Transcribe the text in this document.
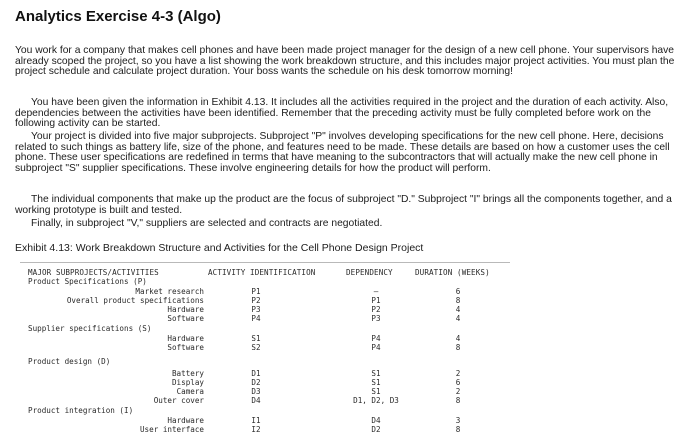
Analytics Exercise 4-3 (Algo)

You work for a company that makes cell phones and have been made project manager for the design of a new cell phone. Your supervisors have already scoped the project, so you have a list showing the work breakdown structure, and this includes major project activities. You must plan the project schedule and calculate project duration. Your boss wants the schedule on his desk tomorrow morning!

You have been given the information in Exhibit 4.13. It includes all the activities required in the project and the duration of each activity. Also, dependencies between the activities have been identified. Remember that the preceding activity must be fully completed before work on the following activity can be started.

Your project is divided into five major subprojects. Subproject "P" involves developing specifications for the new cell phone. Here, decisions related to such things as battery life, size of the phone, and features need to be made. These details are based on how a customer uses the cell phone. These user specifications are redefined in terms that have meaning to the subcontractors that will actually make the new cell phone in subproject "S" supplier specifications. These involve engineering details for how the product will perform.

The individual components that make up the product are the focus of subproject "D." Subproject "I" brings all the components together, and a working prototype is built and tested.

Finally, in subproject "V," suppliers are selected and contracts are negotiated.

Exhibit 4.13: Work Breakdown Structure and Activities for the Cell Phone Design Project
MAJOR SUBPROJECTS/ACTIVITIES	ACTIVITY IDENTIFICATION	DEPENDENCY	DURATION (WEEKS)
Product Specifications (P)
Market research	P1	—	6
Overall product specifications	P2	P1	8
Hardware	P3	P2	4
Software	P4	P3	4
Supplier specifications (S)
Hardware	S1	P4	4
Software	S2	P4	8
Product design (D)
Battery	D1	S1	2
Display	D2	S1	6
Camera	D3	S1	2
Outer cover	D4	D1, D2, D3	8
Product integration (I)
Hardware	I1	D4	3
User interface	I2	D2	8
